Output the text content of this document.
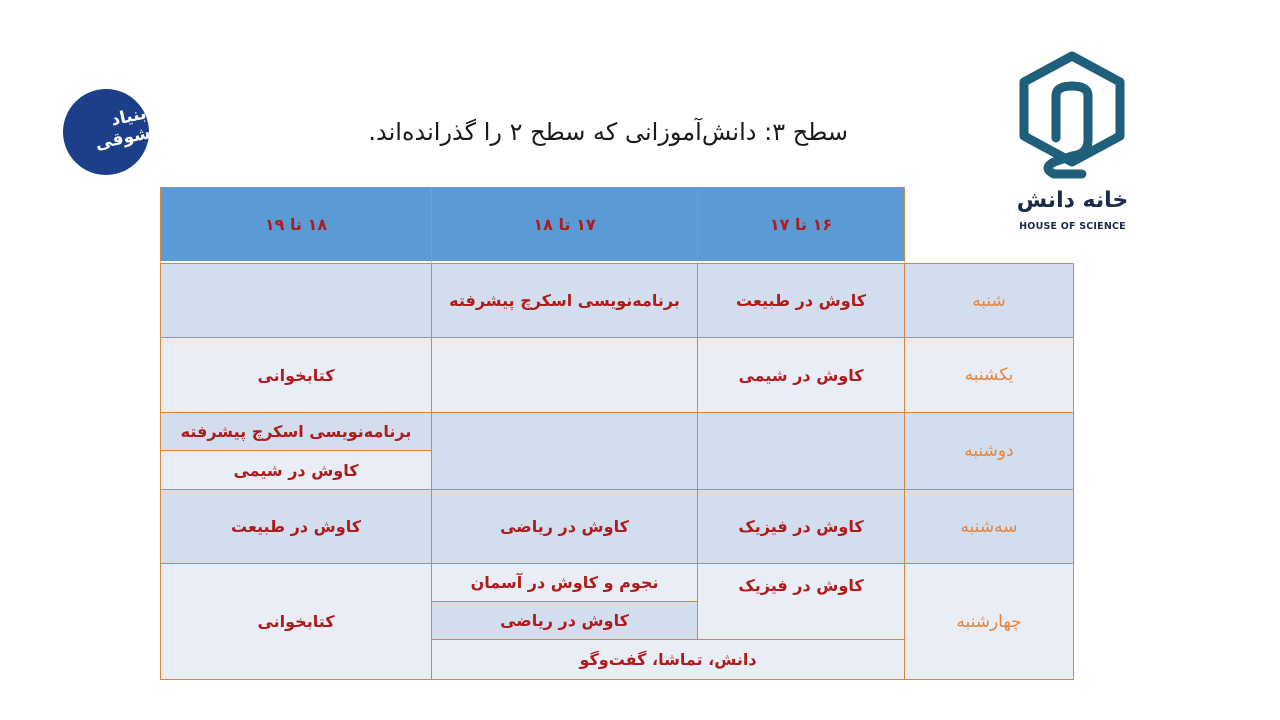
سطح ۳: دانش‌آموزانی که سطح ۲ را گذرانده‌اند.
بنیاد شوقی
خانه دانش
HOUSE OF SCIENCE
۱۶ تا ۱۷
۱۷ تا ۱۸
۱۸ تا ۱۹
شنبه
کاوش در طبیعت
برنامه‌نویسی اسکرچ پیشرفته
یکشنبه
کاوش در شیمی
کتابخوانی
دوشنبه
برنامه‌نویسی اسکرچ پیشرفته
کاوش در شیمی
سه‌شنبه
کاوش در فیزیک
کاوش در ریاضی
کاوش در طبیعت
چهارشنبه
کاوش در فیزیک
نجوم و کاوش در آسمان
کاوش در ریاضی
دانش، تماشا، گفت‌وگو
کتابخوانی
